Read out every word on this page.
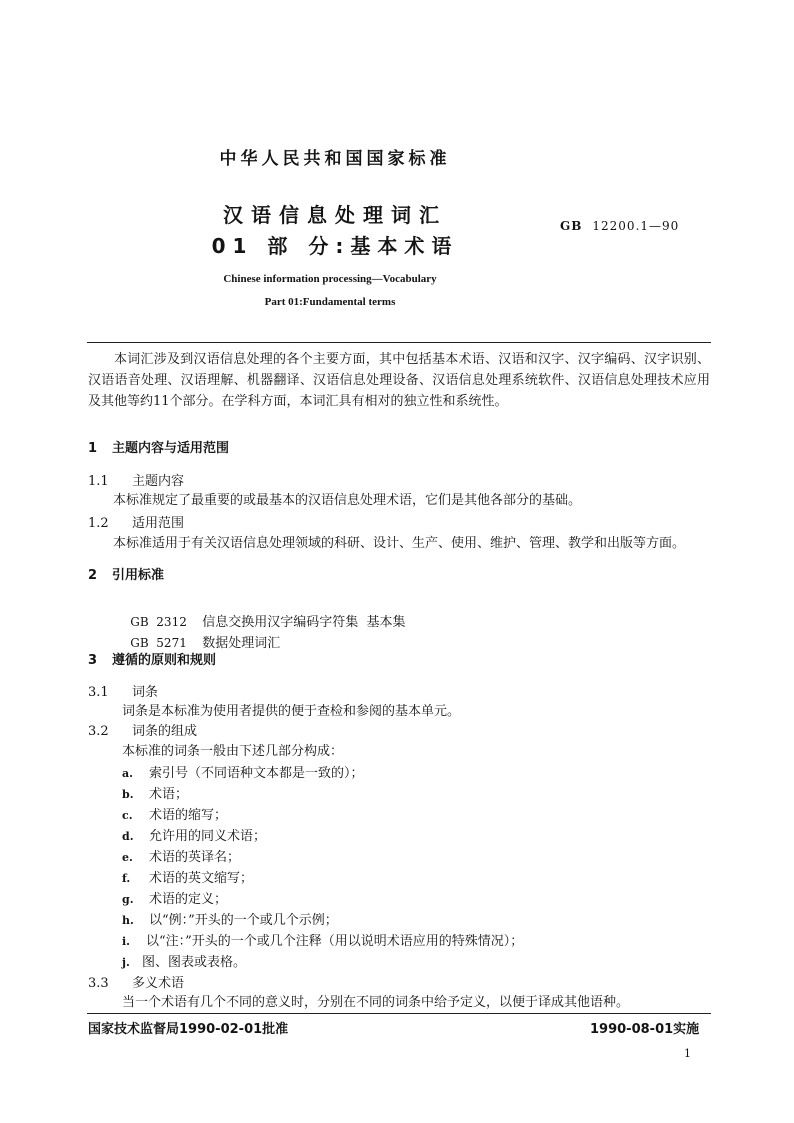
中华人民共和国国家标准
汉语信息处理词汇
01 部 分:基本术语
GB 12200.1—90
Chinese information processing—Vocabulary
Part 01:Fundamental terms
本词汇涉及到汉语信息处理的各个主要方面，其中包括基本术语、汉语和汉字、汉字编码、汉字识别、汉语语音处理、汉语理解、机器翻译、汉语信息处理设备、汉语信息处理系统软件、汉语信息处理技术应用及其他等约11个部分。在学科方面，本词汇具有相对的独立性和系统性。
1 主题内容与适用范围
1.1 主题内容
本标准规定了最重要的或最基本的汉语信息处理术语，它们是其他各部分的基础。
1.2 适用范围
本标准适用于有关汉语信息处理领域的科研、设计、生产、使用、维护、管理、教学和出版等方面。
2 引用标准

GB  2312 信息交换用汉字编码字符集  基本集

GB  5271 数据处理词汇

3 遵循的原则和规则
3.1 词条
词条是本标准为使用者提供的便于查检和参阅的基本单元。
3.2 词条的组成
本标准的词条一般由下述几部分构成：
a. 索引号（不同语种文本都是一致的）；
b. 术语；
c. 术语的缩写；
d. 允许用的同义术语；
e. 术语的英译名；
f. 术语的英文缩写；
g. 术语的定义；
h. 以“例：”开头的一个或几个示例；
i. 以“注：”开头的一个或几个注释（用以说明术语应用的特殊情况）；
j. 图、图表或表格。
3.3 多义术语
当一个术语有几个不同的意义时，分别在不同的词条中给予定义，以便于译成其他语种。
国家技术监督局1990-02-01批准	1990-08-01实施
1
